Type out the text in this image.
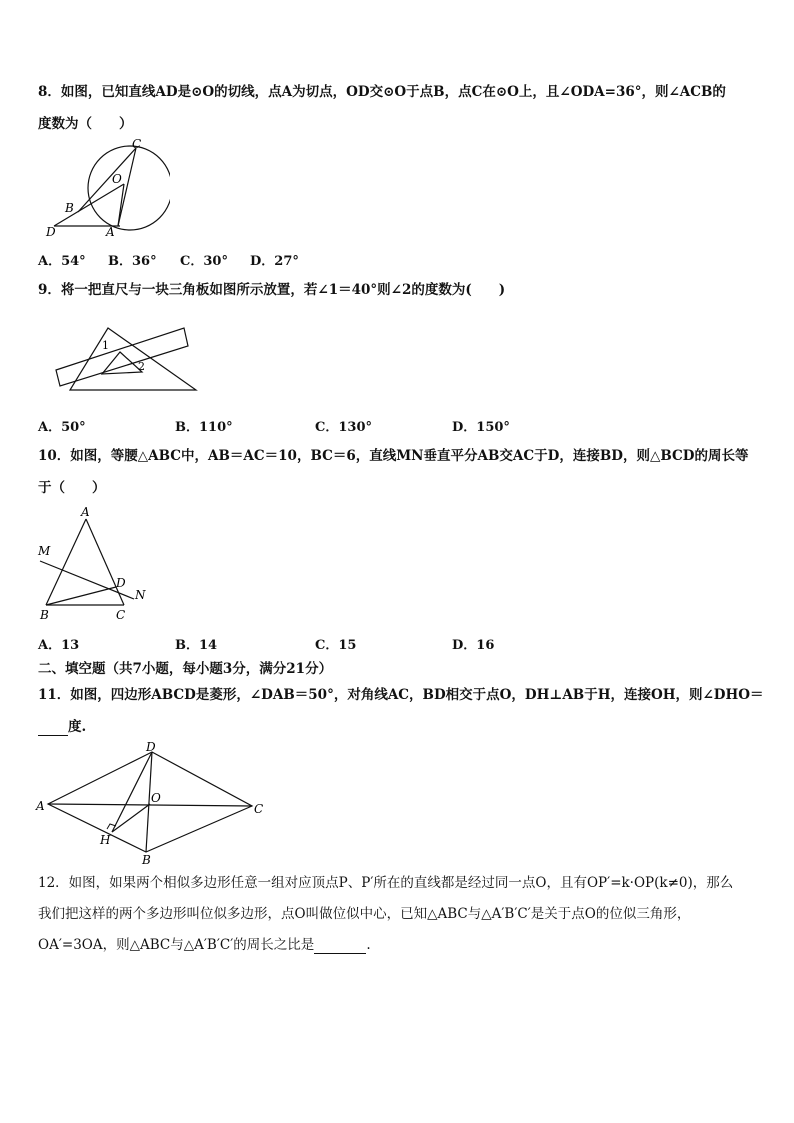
8．如图，已知直线AD是⊙O的切线，点A为切点，OD交⊙O于点B，点C在⊙O上，且∠ODA=36°，则∠ACB的
度数为（　　）
C
O
B
D	A
A．54° B．36° C．30° D．27°
9．将一把直尺与一块三角板如图所示放置，若∠1＝40°则∠2的度数为(　　)
1
2
A．50°	B．110°	C．130°	D．150°
10．如图，等腰△ABC中，AB＝AC＝10，BC＝6，直线MN垂直平分AB交AC于D，连接BD，则△BCD的周长等
于（　　）
A
M
D
N
B	C
A．13	B．14	C．15	D．16
二、填空题（共7小题，每小题3分，满分21分）
11．如图，四边形ABCD是菱形，∠DAB＝50°，对角线AC，BD相交于点O，DH⊥AB于H，连接OH，则∠DHO＝
度.
D
A
O
C
H
B
12．如图，如果两个相似多边形任意一组对应顶点P、P′所在的直线都是经过同一点O，且有OP′=k·OP(k≠0)，那么
我们把这样的两个多边形叫位似多边形，点O叫做位似中心，已知△ABC与△A′B′C′是关于点O的位似三角形，
OA′=3OA，则△ABC与△A′B′C′的周长之比是	.
